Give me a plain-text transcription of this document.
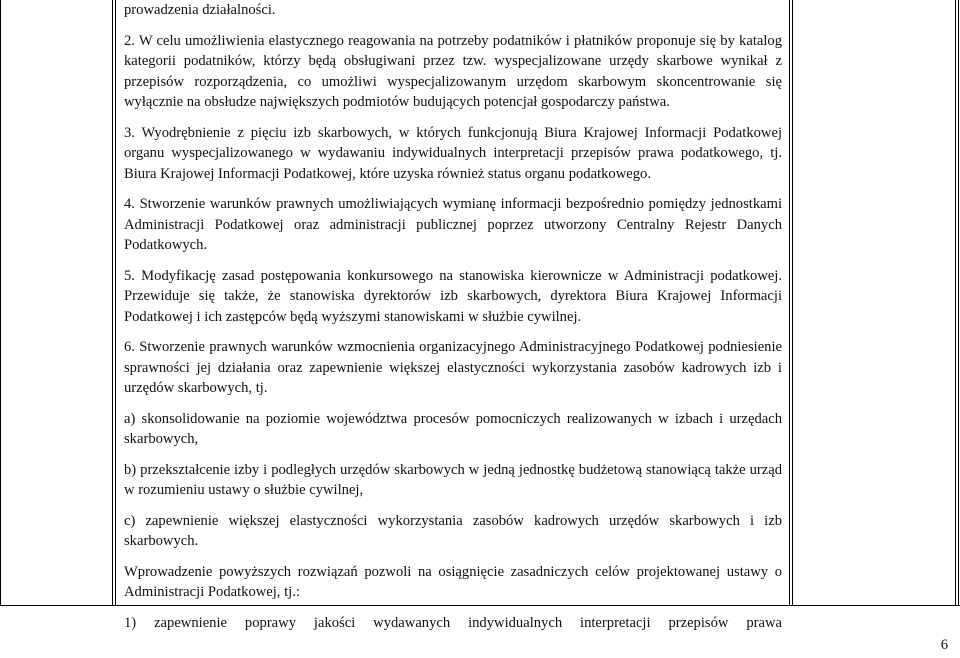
prowadzenia działalności.

2. W celu umożliwienia elastycznego reagowania na potrzeby podatników i płatników proponuje się by katalog kategorii podatników, którzy będą obsługiwani przez tzw. wyspecjalizowane urzędy skarbowe wynikał z przepisów rozporządzenia, co umożliwi wyspecjalizowanym urzędom skarbowym skoncentrowanie się wyłącznie na obsłudze największych podmiotów budujących potencjał gospodarczy państwa.

3. Wyodrębnienie z pięciu izb skarbowych, w których funkcjonują Biura Krajowej Informacji Podatkowej organu wyspecjalizowanego w wydawaniu indywidualnych interpretacji przepisów prawa podatkowego, tj. Biura Krajowej Informacji Podatkowej, które uzyska również status organu podatkowego.

4. Stworzenie warunków prawnych umożliwiających wymianę informacji bezpośrednio pomiędzy jednostkami Administracji Podatkowej oraz administracji publicznej poprzez utworzony Centralny Rejestr Danych Podatkowych.

5. Modyfikację zasad postępowania konkursowego na stanowiska kierownicze w Administracji podatkowej. Przewiduje się także, że stanowiska dyrektorów izb skarbowych, dyrektora Biura Krajowej Informacji Podatkowej i ich zastępców będą wyższymi stanowiskami w służbie cywilnej.

6. Stworzenie prawnych warunków wzmocnienia organizacyjnego Administracyjnego Podatkowej podniesienie sprawności jej działania oraz zapewnienie większej elastyczności wykorzystania zasobów kadrowych izb i urzędów skarbowych, tj.

a) skonsolidowanie na poziomie województwa procesów pomocniczych realizowanych w izbach i urzędach skarbowych,

b) przekształcenie izby i podległych urzędów skarbowych w jedną jednostkę budżetową stanowiącą także urząd w rozumieniu ustawy o służbie cywilnej,

c) zapewnienie większej elastyczności wykorzystania zasobów kadrowych urzędów skarbowych i izb skarbowych.

Wprowadzenie powyższych rozwiązań pozwoli na osiągnięcie zasadniczych celów projektowanej ustawy o Administracji Podatkowej, tj.:

1) zapewnienie poprawy jakości wydawanych indywidualnych interpretacji przepisów prawa

6
